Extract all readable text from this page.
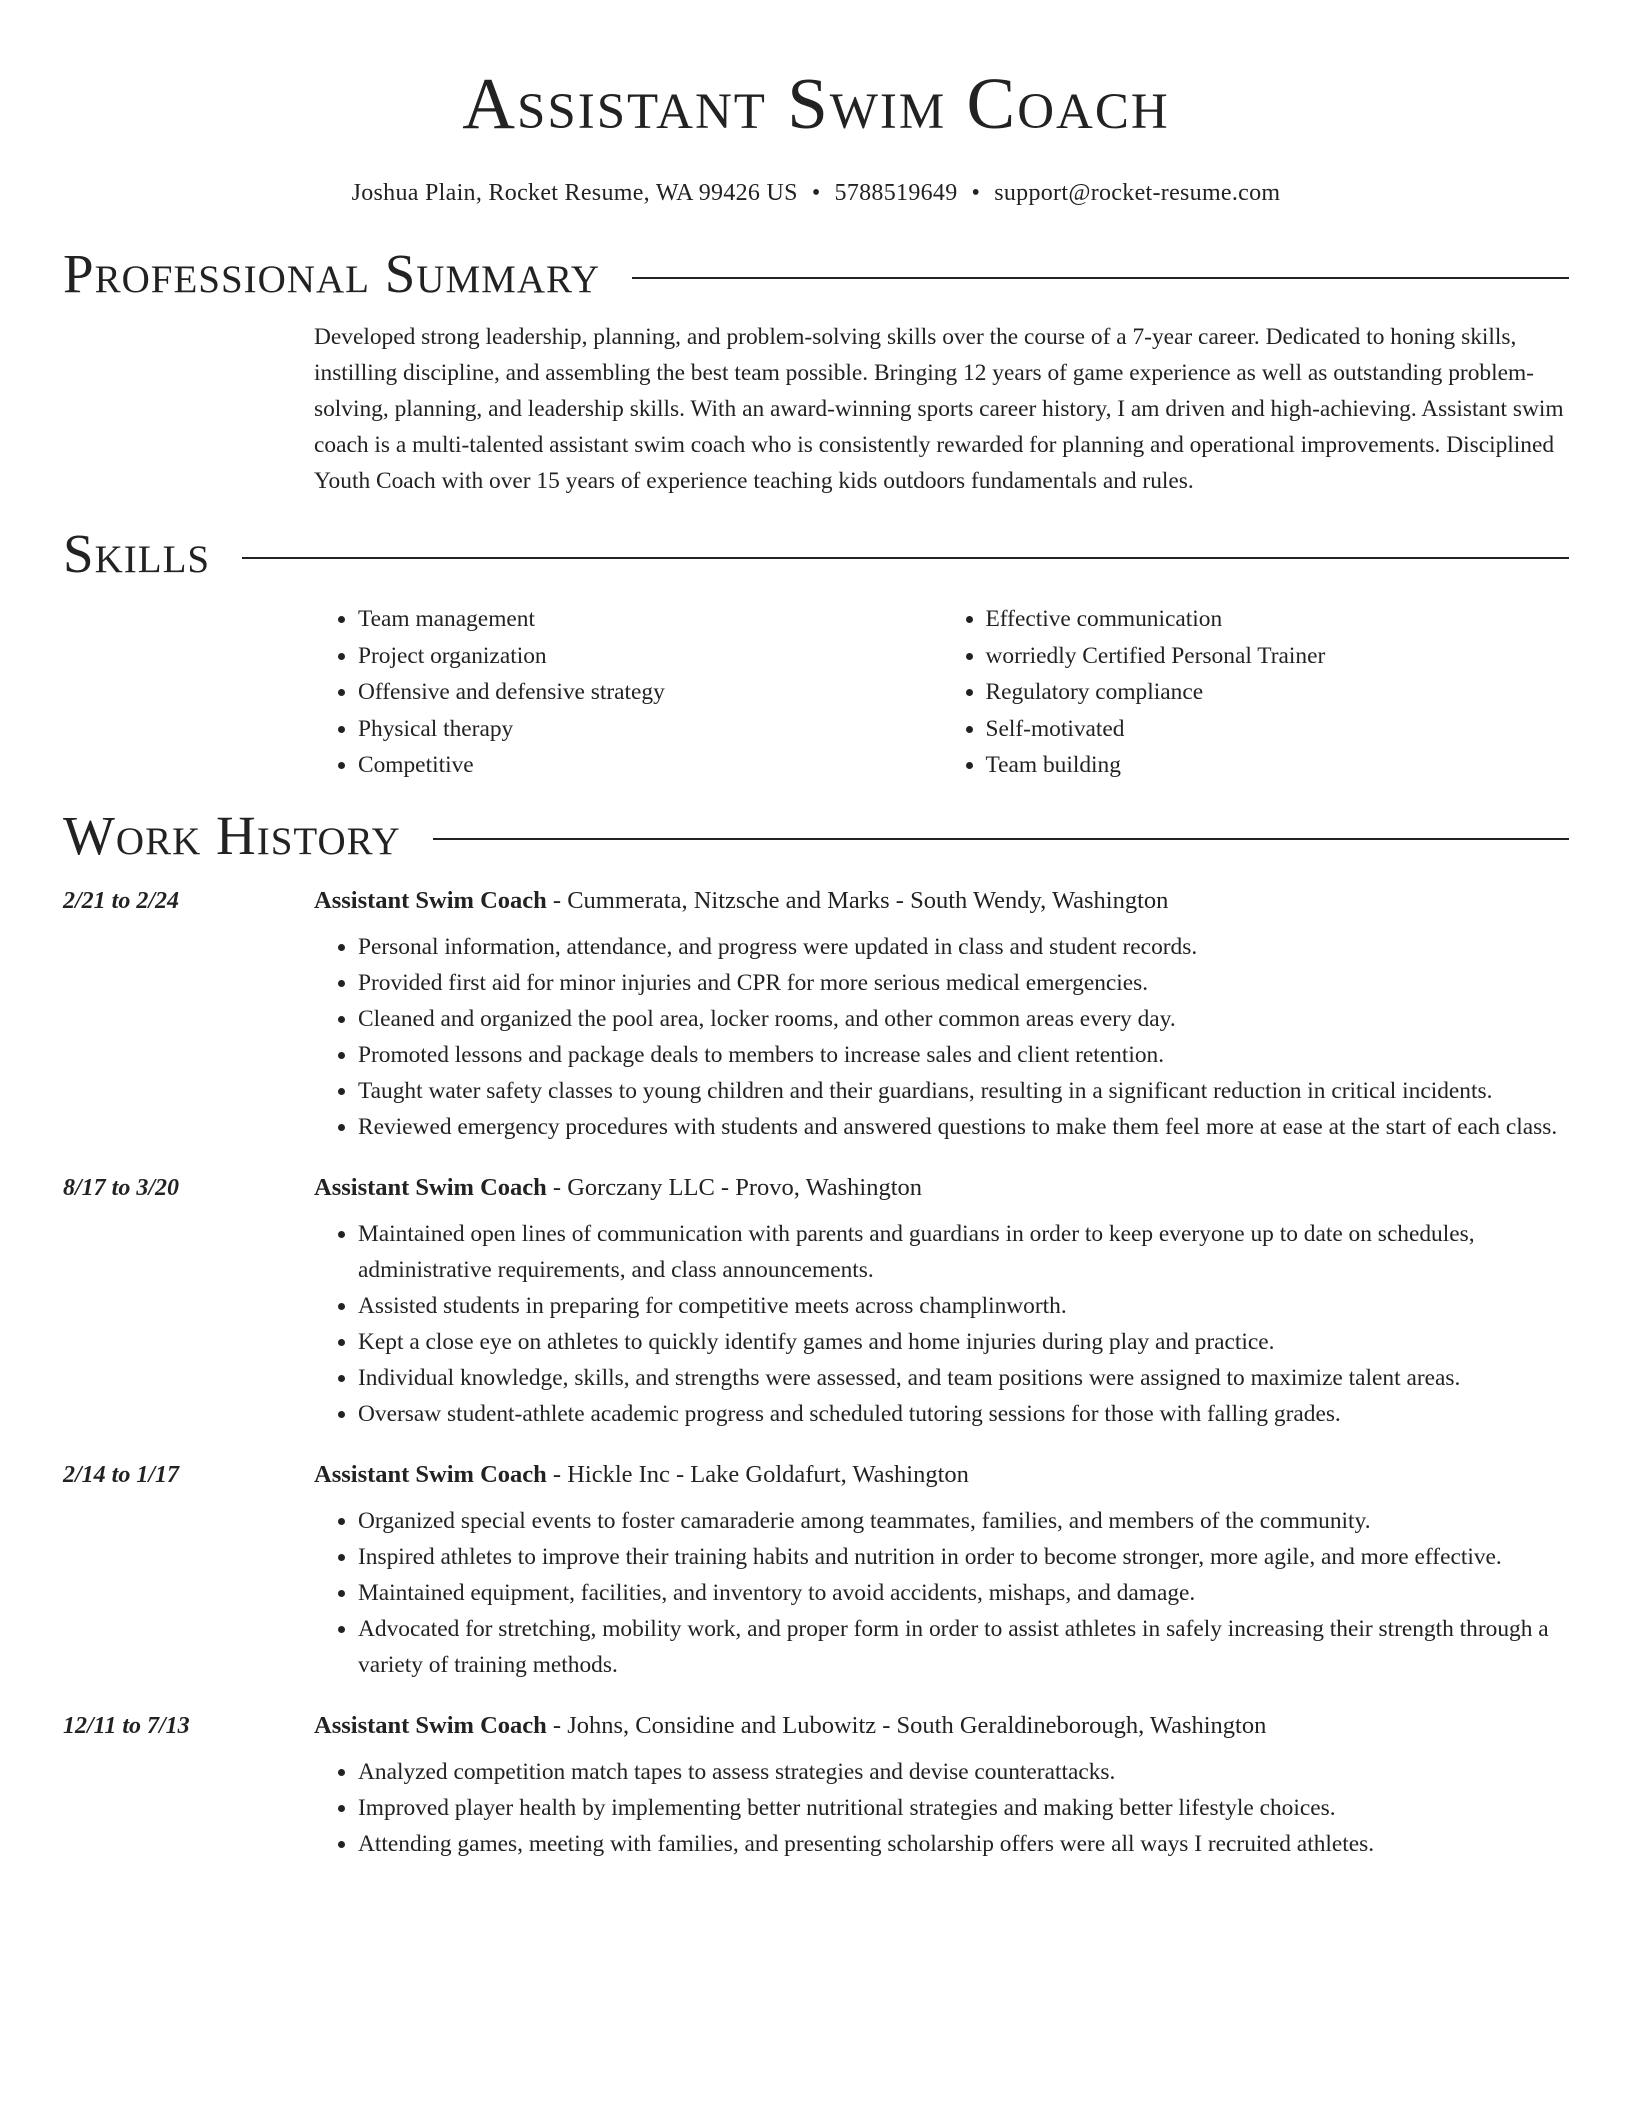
Assistant Swim Coach
Joshua Plain, Rocket Resume, WA 99426 US • 5788519649 • support@rocket-resume.com
Professional Summary

Developed strong leadership, planning, and problem-solving skills over the course of a 7-year career. Dedicated to honing skills, instilling discipline, and assembling the best team possible. Bringing 12 years of game experience as well as outstanding problem-solving, planning, and leadership skills. With an award-winning sports career history, I am driven and high-achieving. Assistant swim coach is a multi-talented assistant swim coach who is consistently rewarded for planning and operational improvements. Disciplined Youth Coach with over 15 years of experience teaching kids outdoors fundamentals and rules.

Skills
• Team management
• Project organization
• Offensive and defensive strategy
• Physical therapy
• Competitive
• Effective communication
• worriedly Certified Personal Trainer
• Regulatory compliance
• Self-motivated
• Team building
Work History
2/21 to 2/24	Assistant Swim Coach - Cummerata, Nitzsche and Marks - South Wendy, Washington
• Personal information, attendance, and progress were updated in class and student records.
• Provided first aid for minor injuries and CPR for more serious medical emergencies.
• Cleaned and organized the pool area, locker rooms, and other common areas every day.
• Promoted lessons and package deals to members to increase sales and client retention.
• Taught water safety classes to young children and their guardians, resulting in a significant reduction in critical incidents.
• Reviewed emergency procedures with students and answered questions to make them feel more at ease at the start of each class.
8/17 to 3/20	Assistant Swim Coach - Gorczany LLC - Provo, Washington
• Maintained open lines of communication with parents and guardians in order to keep everyone up to date on schedules, administrative requirements, and class announcements.
• Assisted students in preparing for competitive meets across champlinworth.
• Kept a close eye on athletes to quickly identify games and home injuries during play and practice.
• Individual knowledge, skills, and strengths were assessed, and team positions were assigned to maximize talent areas.
• Oversaw student-athlete academic progress and scheduled tutoring sessions for those with falling grades.
2/14 to 1/17	Assistant Swim Coach - Hickle Inc - Lake Goldafurt, Washington
• Organized special events to foster camaraderie among teammates, families, and members of the community.
• Inspired athletes to improve their training habits and nutrition in order to become stronger, more agile, and more effective.
• Maintained equipment, facilities, and inventory to avoid accidents, mishaps, and damage.
• Advocated for stretching, mobility work, and proper form in order to assist athletes in safely increasing their strength through a variety of training methods.
12/11 to 7/13	Assistant Swim Coach - Johns, Considine and Lubowitz - South Geraldineborough, Washington
• Analyzed competition match tapes to assess strategies and devise counterattacks.
• Improved player health by implementing better nutritional strategies and making better lifestyle choices.
• Attending games, meeting with families, and presenting scholarship offers were all ways I recruited athletes.
